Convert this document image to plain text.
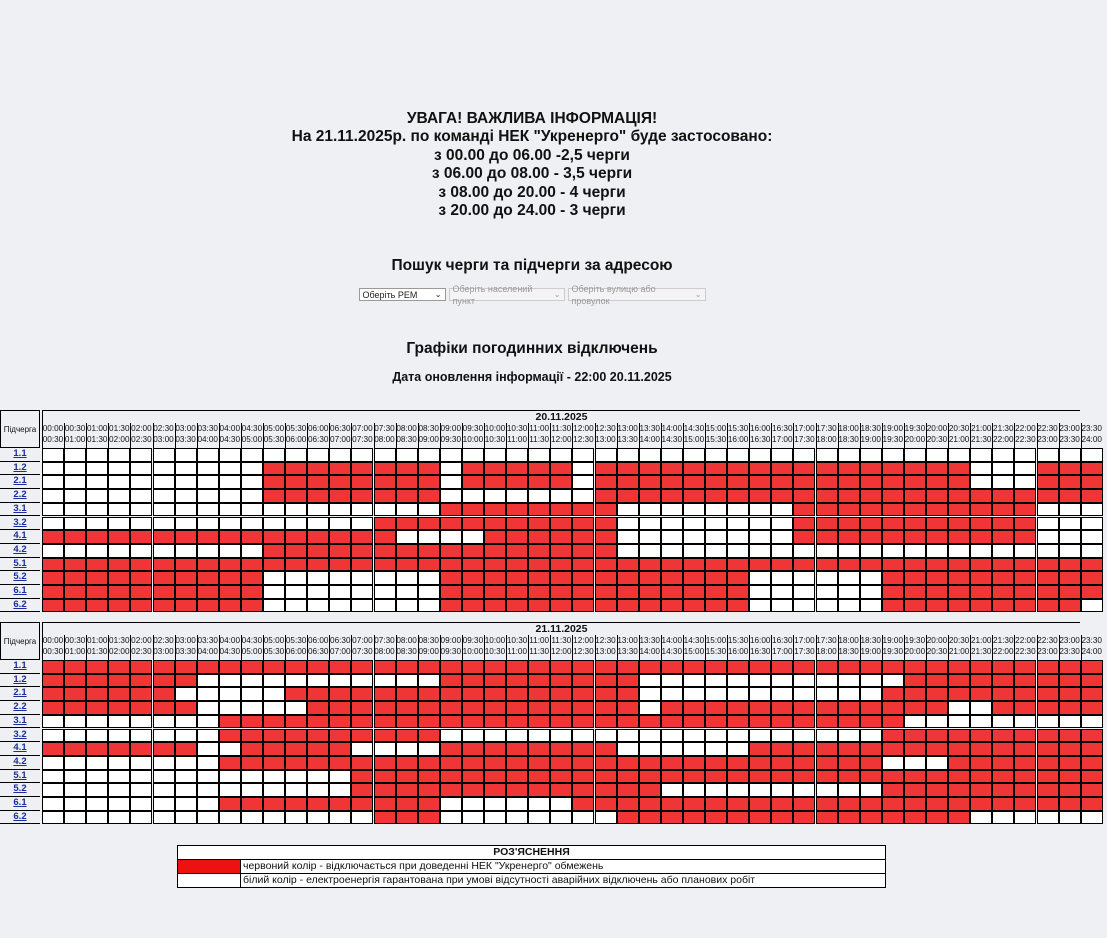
УВАГА! ВАЖЛИВА ІНФОРМАЦІЯ!
На 21.11.2025р. по команді НЕК "Укренерго" буде застосовано:
з 00.00 до 06.00 -2,5 черги
з 06.00 до 08.00 - 3,5 черги
з 08.00 до 20.00 - 4 черги
з 20.00 до 24.00 - 3 черги
Пошук черги та підчерги за адресою
Оберіть РЕМ ⌄
Оберіть населений пункт
⌄
Оберіть вулицю або провулок
⌄
Графіки погодинних відключень
Дата оновлення інформації - 22:00 20.11.2025
Підчерга
20.11.2025
00:00
00:30
00:30
01:00
01:00
01:30
01:30
02:00
02:00
02:30
02:30
03:00
03:00
03:30
03:30
04:00
04:00
04:30
04:30
05:00
05:00
05:30
05:30
06:00
06:00
06:30
06:30
07:00
07:00
07:30
07:30
08:00
08:00
08:30
08:30
09:00
09:00
09:30
09:30
10:00
10:00
10:30
10:30
11:00
11:00
11:30
11:30
12:00
12:00
12:30
12:30
13:00
13:00
13:30
13:30
14:00
14:00
14:30
14:30
15:00
15:00
15:30
15:30
16:00
16:00
16:30
16:30
17:00
17:00
17:30
17:30
18:00
18:00
18:30
18:30
19:00
19:00
19:30
19:30
20:00
20:00
20:30
20:30
21:00
21:00
21:30
21:30
22:00
22:00
22:30
22:30
23:00
23:00
23:30
23:30
24:00
1.1
1.2
2.1
2.2
3.1
3.2
4.1
4.2
5.1
5.2
6.1
6.2
Підчерга
21.11.2025
00:00
00:30
00:30
01:00
01:00
01:30
01:30
02:00
02:00
02:30
02:30
03:00
03:00
03:30
03:30
04:00
04:00
04:30
04:30
05:00
05:00
05:30
05:30
06:00
06:00
06:30
06:30
07:00
07:00
07:30
07:30
08:00
08:00
08:30
08:30
09:00
09:00
09:30
09:30
10:00
10:00
10:30
10:30
11:00
11:00
11:30
11:30
12:00
12:00
12:30
12:30
13:00
13:00
13:30
13:30
14:00
14:00
14:30
14:30
15:00
15:00
15:30
15:30
16:00
16:00
16:30
16:30
17:00
17:00
17:30
17:30
18:00
18:00
18:30
18:30
19:00
19:00
19:30
19:30
20:00
20:00
20:30
20:30
21:00
21:00
21:30
21:30
22:00
22:00
22:30
22:30
23:00
23:00
23:30
23:30
24:00
1.1
1.2
2.1
2.2
3.1
3.2
4.1
4.2
5.1
5.2
6.1
6.2
РОЗ'ЯСНЕННЯ
червоний колір - відключається при доведенні НЕК "Укренерго" обмежень
білий колір - електроенергія гарантована при умові відсутності аварійних відключень або планових робіт
